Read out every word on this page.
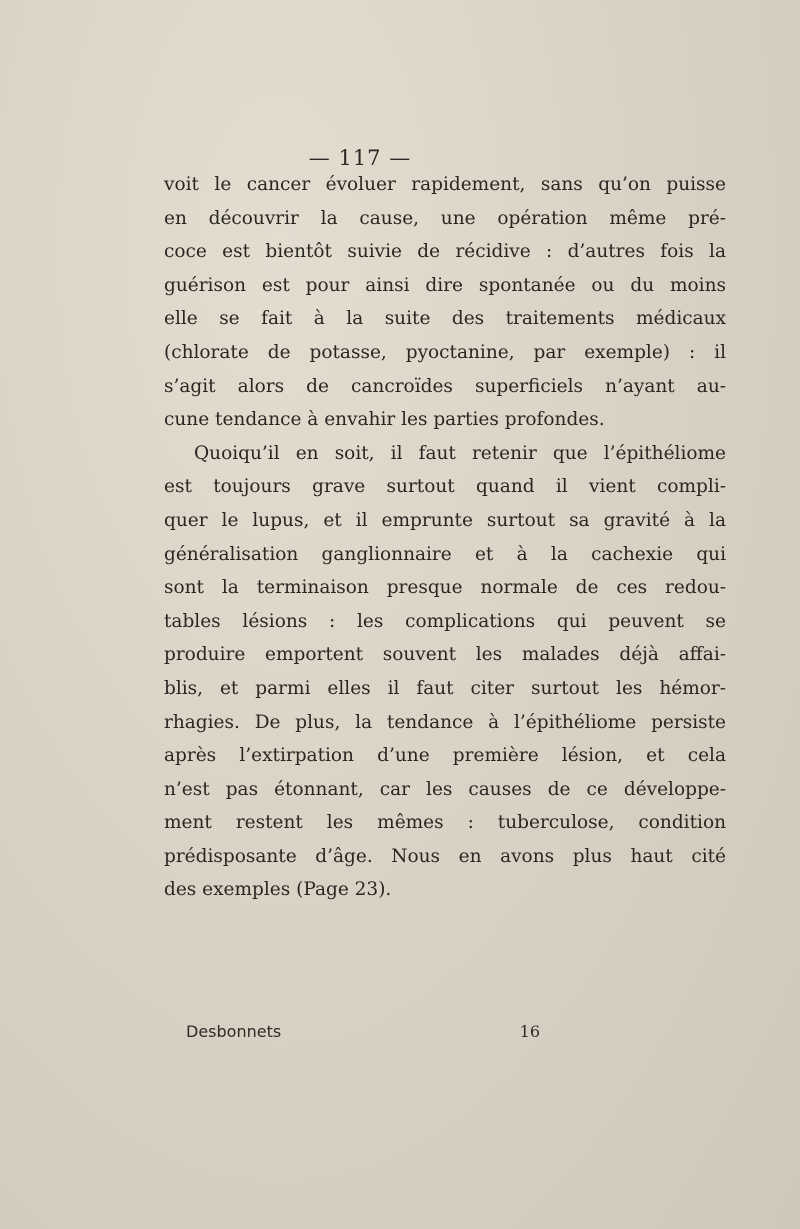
— 117 —
voit le cancer évoluer rapidement, sans qu’on puisse
en découvrir la cause, une opération même pré-
coce est bientôt suivie de récidive : d’autres fois la
guérison est pour ainsi dire spontanée ou du moins
elle se fait à la suite des traitements médicaux
(chlorate de potasse, pyoctanine, par exemple) : il
s’agit alors de cancroïdes superficiels n’ayant au-
cune tendance à envahir les parties profondes.
Quoiqu’il en soit, il faut retenir que l’épithéliome
est toujours grave surtout quand il vient compli-
quer le lupus, et il emprunte surtout sa gravité à la
généralisation ganglionnaire et à la cachexie qui
sont la terminaison presque normale de ces redou-
tables lésions : les complications qui peuvent se
produire emportent souvent les malades déjà affai-
blis, et parmi elles il faut citer surtout les hémor-
rhagies. De plus, la tendance à l’épithéliome persiste
après l’extirpation d’une première lésion, et cela
n’est pas étonnant, car les causes de ce développe-
ment restent les mêmes : tuberculose, condition
prédisposante d’âge. Nous en avons plus haut cité
des exemples (Page 23).
Desbonnets	16
